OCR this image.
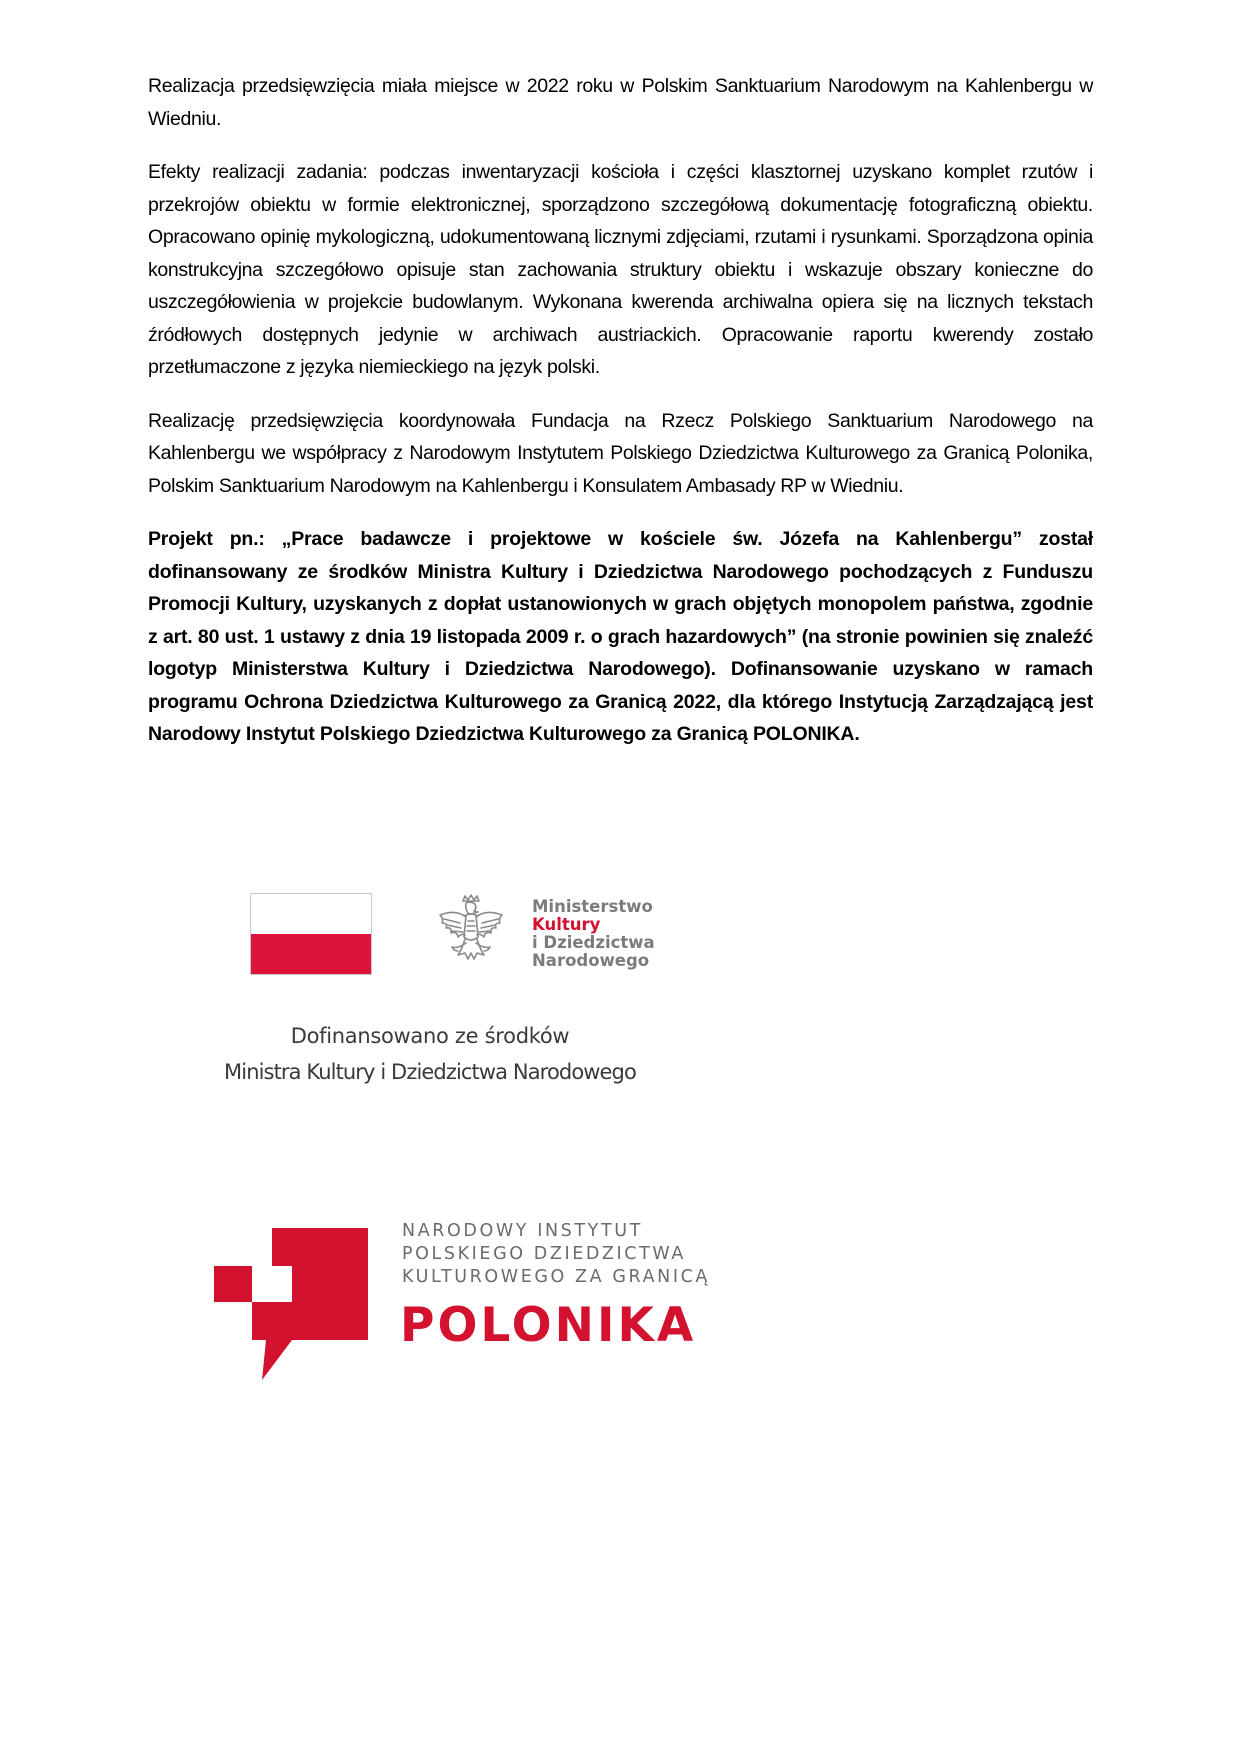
Realizacja przedsięwzięcia miała miejsce w 2022 roku w Polskim Sanktuarium Narodowym na Kahlenbergu w Wiedniu.

Efekty realizacji zadania: podczas inwentaryzacji kościoła i części klasztornej uzyskano komplet rzutów i przekrojów obiektu w formie elektronicznej, sporządzono szczegółową dokumentację fotograficzną obiektu. Opracowano opinię mykologiczną, udokumentowaną licznymi zdjęciami, rzutami i rysunkami. Sporządzona opinia konstrukcyjna szczegółowo opisuje stan zachowania struktury obiektu i wskazuje obszary konieczne do uszczegółowienia w projekcie budowlanym. Wykonana kwerenda archiwalna opiera się na licznych tekstach źródłowych dostępnych jedynie w archiwach austriackich. Opracowanie raportu kwerendy zostało przetłumaczone z języka niemieckiego na język polski.

Realizację przedsięwzięcia koordynowała Fundacja na Rzecz Polskiego Sanktuarium Narodowego na Kahlenbergu we współpracy z Narodowym Instytutem Polskiego Dziedzictwa Kulturowego za Granicą Polonika, Polskim Sanktuarium Narodowym na Kahlenbergu i Konsulatem Ambasady RP w Wiedniu.

Projekt pn.: „Prace badawcze i projektowe w kościele św. Józefa na Kahlenbergu” został dofinansowany ze środków Ministra Kultury i Dziedzictwa Narodowego pochodzących z Funduszu Promocji Kultury, uzyskanych z dopłat ustanowionych w grach objętych monopolem państwa, zgodnie z art. 80 ust. 1 ustawy z dnia 19 listopada 2009 r. o grach hazardowych” (na stronie powinien się znaleźć logotyp Ministerstwa Kultury i Dziedzictwa Narodowego). Dofinansowanie uzyskano w ramach programu Ochrona Dziedzictwa Kulturowego za Granicą 2022, dla którego Instytucją Zarządzającą jest Narodowy Instytut Polskiego Dziedzictwa Kulturowego za Granicą POLONIKA.

Ministerstwo
Kultury
i Dziedzictwa
Narodowego
Dofinansowano ze środków
Ministra Kultury i Dziedzictwa Narodowego
NARODOWY INSTYTUT
POLSKIEGO DZIEDZICTWA
KULTUROWEGO ZA GRANICĄ
POLONIKA
